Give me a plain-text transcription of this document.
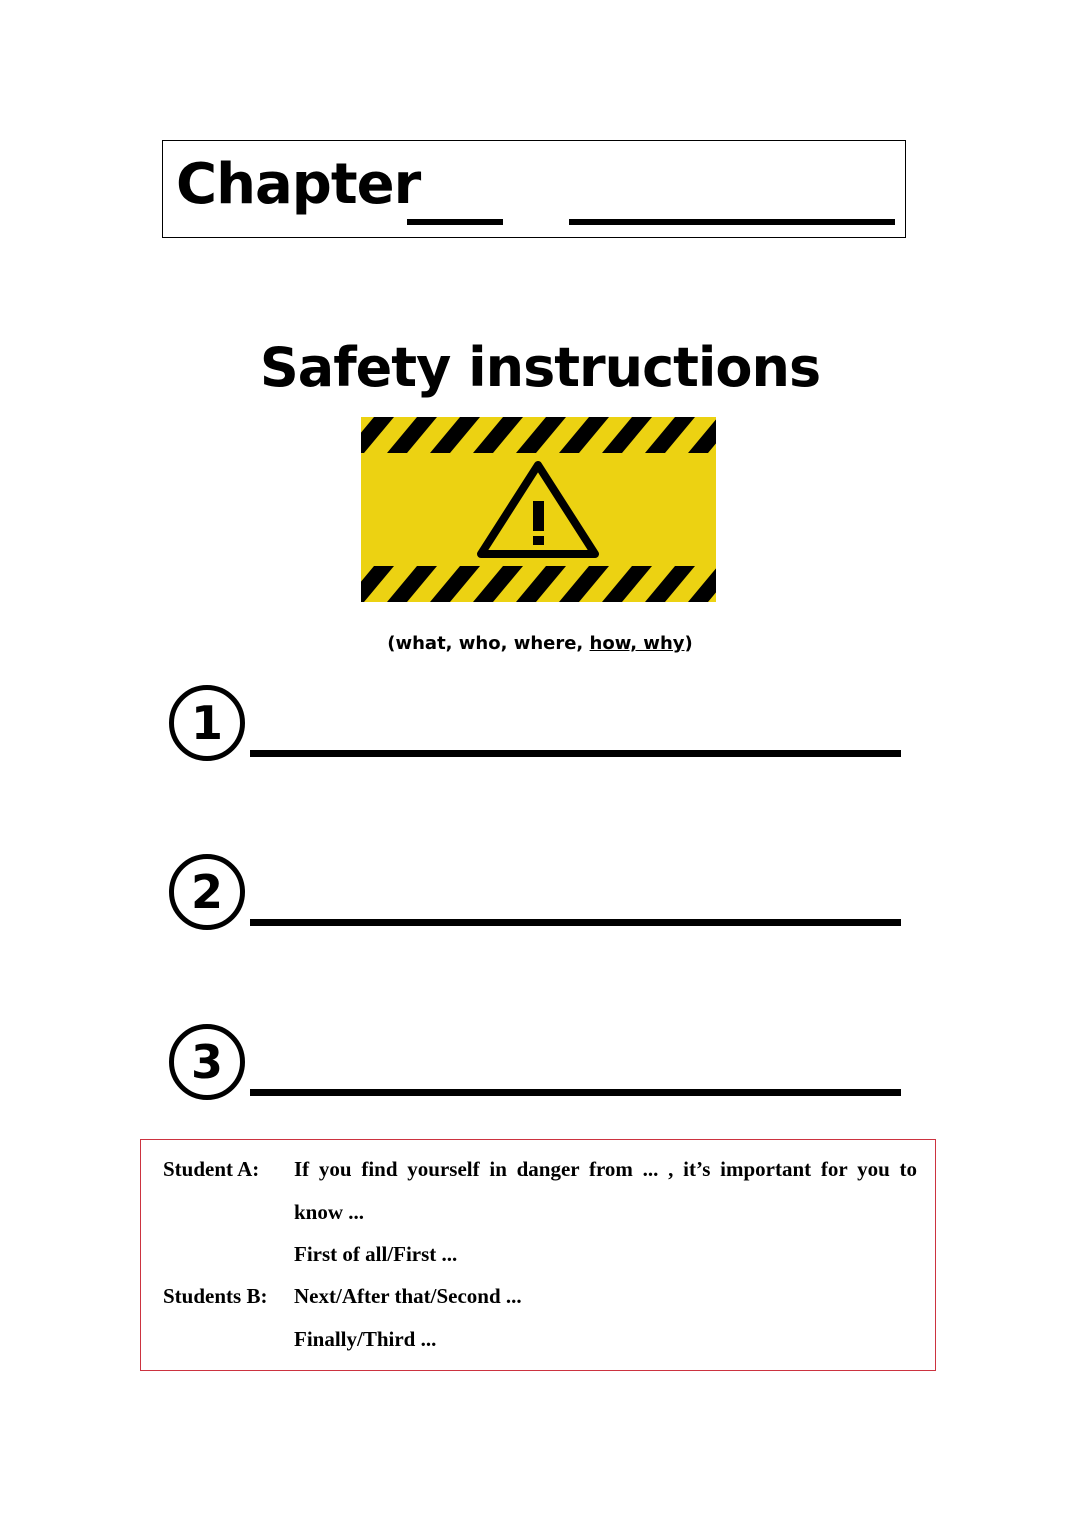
Chapter
Safety instructions
(what, who, where, how, why)
1
2
3
Student A: If you find yourself in danger from ... , it’s important for you to
know ...
First of all/First ...
Students B: Next/After that/Second ...
Finally/Third ...
